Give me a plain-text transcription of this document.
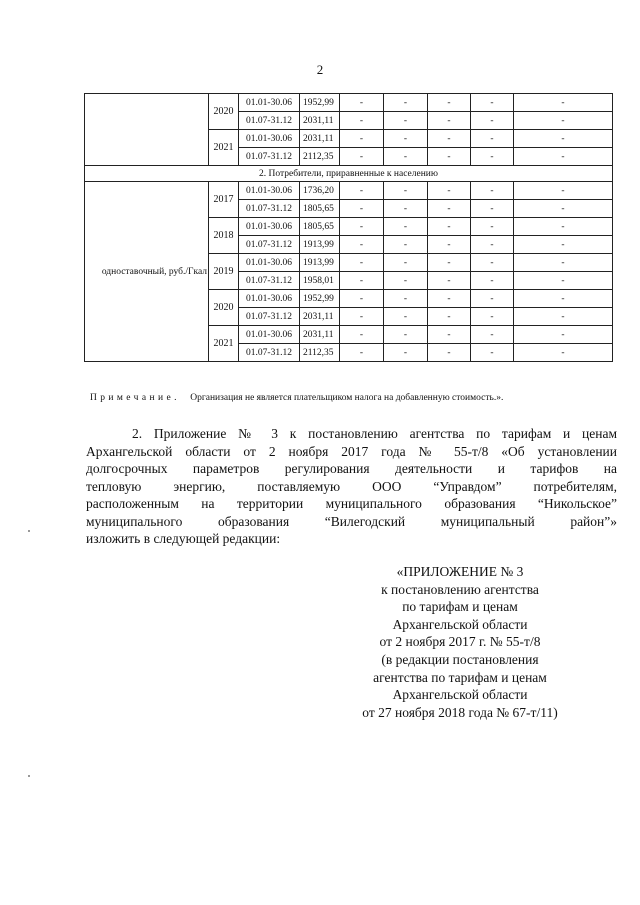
2
	2020	01.01-30.06	1952,99	-	-	-	-	-
		01.07-31.12	2031,11	-	-	-	-	-
	2021	01.01-30.06	2031,11	-	-	-	-	-
		01.07-31.12	2112,35	-	-	-	-	-
2. Потребители, приравненные к населению								
одноставочный, руб./Гкал	2017	01.01-30.06	1736,20	-	-	-	-	-
		01.07-31.12	1805,65	-	-	-	-	-
	2018	01.01-30.06	1805,65	-	-	-	-	-
		01.07-31.12	1913,99	-	-	-	-	-
	2019	01.01-30.06	1913,99	-	-	-	-	-
		01.07-31.12	1958,01	-	-	-	-	-
	2020	01.01-30.06	1952,99	-	-	-	-	-
		01.07-31.12	2031,11	-	-	-	-	-
	2021	01.01-30.06	2031,11	-	-	-	-	-
		01.07-31.12	2112,35	-	-	-	-	-
Примечание. Организация не является плательщиком налога на добавленную стоимость.».

2. Приложение № 3 к постановлению агентства по тарифам и ценам

Архангельской области от 2 ноября 2017 года № 55-т/8 «Об установлении

долгосрочных параметров регулирования деятельности и тарифов на

тепловую энергию, поставляемую ООО “Управдом” потребителям,

расположенным на территории муниципального образования “Никольское”

муниципального образования “Вилегодский муниципальный район”»

изложить в следующей редакции:

«ПРИЛОЖЕНИЕ № 3
к постановлению агентства
по тарифам и ценам
Архангельской области
от 2 ноября 2017 г. № 55-т/8
(в редакции постановления
агентства по тарифам и ценам
Архангельской области
от 27 ноября 2018 года № 67-т/11)
